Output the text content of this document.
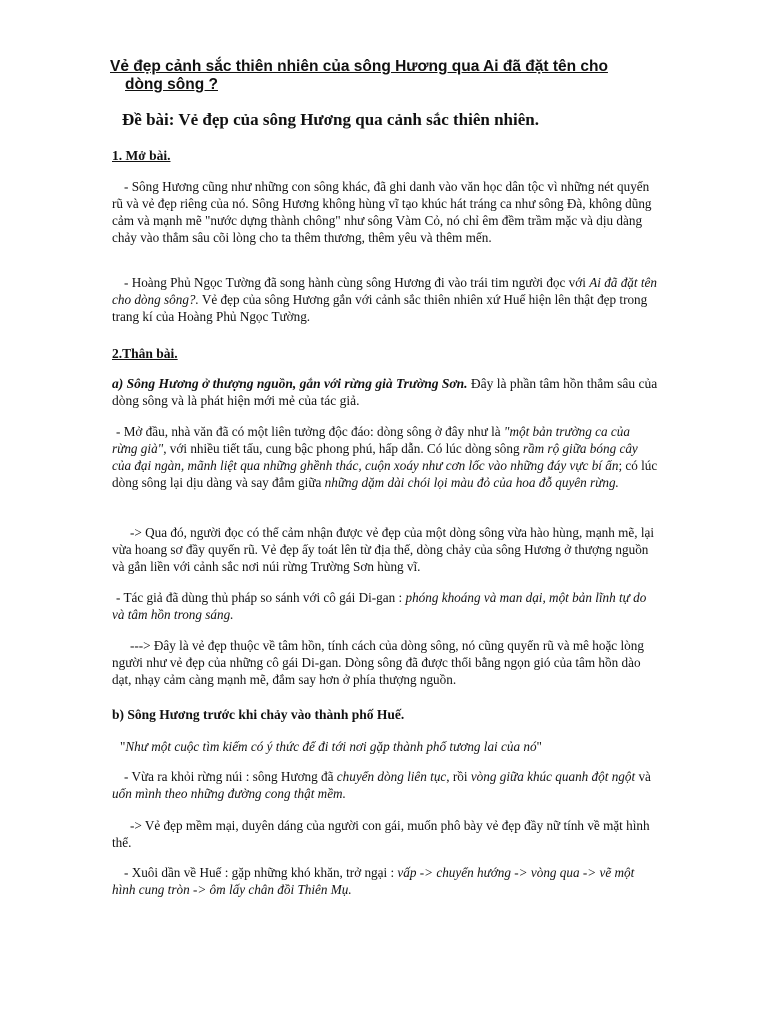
Vẻ đẹp cảnh sắc thiên nhiên của sông Hương qua Ai đã đặt tên cho
dòng sông ?
Đề bài: Vẻ đẹp của sông Hương qua cảnh sắc thiên nhiên.
1. Mở bài.

- Sông Hương cũng như những con sông khác, đã ghi danh vào văn học dân tộc vì những nét quyến rũ và vẻ đẹp riêng của nó. Sông Hương không hùng vĩ tạo khúc hát tráng ca như sông Đà, không dũng cảm và mạnh mẽ "nước dựng thành chông" như sông Vàm Cỏ, nó chỉ êm đềm trầm mặc và dịu dàng chảy vào thẳm sâu cõi lòng cho ta thêm thương, thêm yêu và thêm mến.

- Hoàng Phủ Ngọc Tường đã song hành cùng sông Hương đi vào trái tim người đọc với Ai đã đặt tên cho dòng sông?. Vẻ đẹp của sông Hương gắn với cảnh sắc thiên nhiên xứ Huế hiện lên thật đẹp trong trang kí của Hoàng Phủ Ngọc Tường.

2.Thân bài.

a) Sông Hương ở thượng nguồn, gắn với rừng già Trường Sơn. Đây là phần tâm hồn thẳm sâu của dòng sông và là phát hiện mới mẻ của tác giả.

- Mở đầu, nhà văn đã có một liên tưởng độc đáo: dòng sông ở đây như là "một bản trường ca của rừng già", với nhiều tiết tấu, cung bậc phong phú, hấp dẫn. Có lúc dòng sông rầm rộ giữa bóng cây của đại ngàn, mãnh liệt qua những ghềnh thác, cuộn xoáy như cơn lốc vào những đáy vực bí ẩn; có lúc dòng sông lại dịu dàng và say đắm giữa những dặm dài chói lọi màu đỏ của hoa đỗ quyên rừng.

-> Qua đó, người đọc có thể cảm nhận được vẻ đẹp của một dòng sông vừa hào hùng, mạnh mẽ, lại vừa hoang sơ đầy quyến rũ. Vẻ đẹp ấy toát lên từ địa thế, dòng chảy của sông Hương ở thượng nguồn và gắn liền với cảnh sắc nơi núi rừng Trường Sơn hùng vĩ.

- Tác giả đã dùng thủ pháp so sánh với cô gái Di-gan : phóng khoáng và man dại, một bản lĩnh tự do và tâm hồn trong sáng.

---> Đây là vẻ đẹp thuộc về tâm hồn, tính cách của dòng sông, nó cũng quyến rũ và mê hoặc lòng người như vẻ đẹp của những cô gái Di-gan. Dòng sông đã được thổi bằng ngọn gió của tâm hồn dào dạt, nhạy cảm càng mạnh mẽ, đắm say hơn ở phía thượng nguồn.

b) Sông Hương trước khi chảy vào thành phố Huế.

"Như một cuộc tìm kiếm có ý thức để đi tới nơi gặp thành phố tương lai của nó"

- Vừa ra khỏi rừng núi : sông Hương đã chuyển dòng liên tục, rồi vòng giữa khúc quanh đột ngột và uốn mình theo những đường cong thật mềm.

-> Vẻ đẹp mềm mại, duyên dáng của người con gái, muốn phô bày vẻ đẹp đầy nữ tính về mặt hình thể.

- Xuôi dần về Huế : gặp những khó khăn, trở ngại : vấp -> chuyển hướng -> vòng qua -> vẽ một hình cung tròn -> ôm lấy chân đồi Thiên Mụ.
